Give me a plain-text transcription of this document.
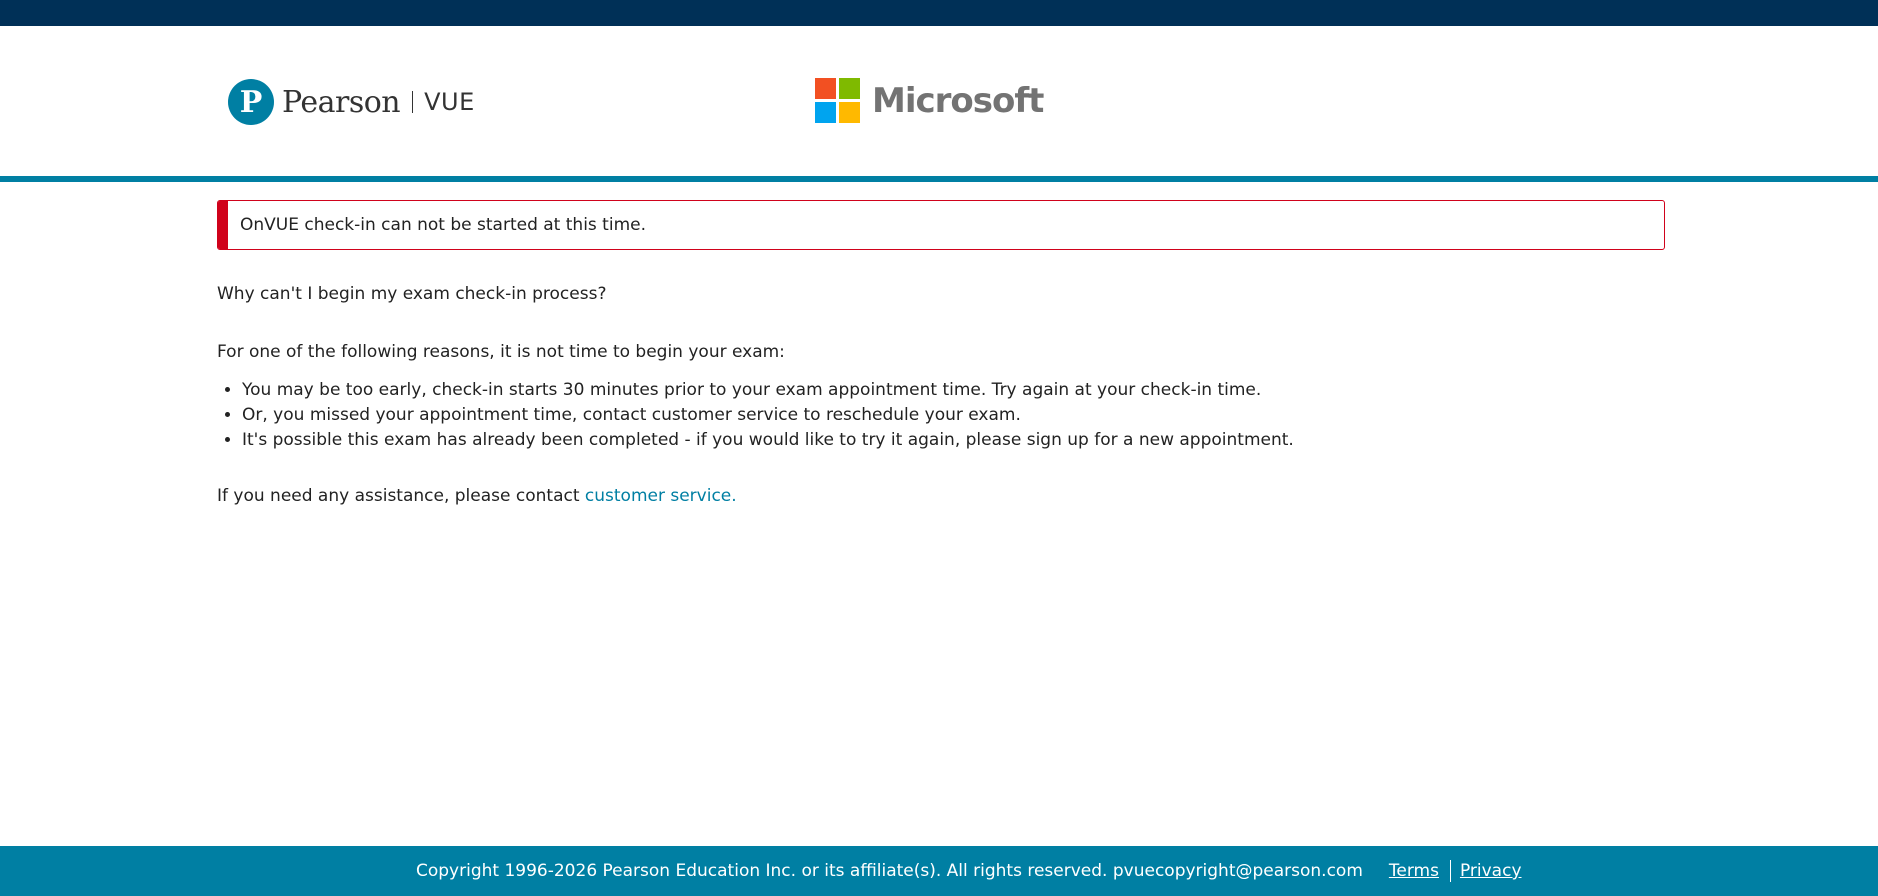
P Pearson VUE	Microsoft
OnVUE check-in can not be started at this time.
Why can't I begin my exam check-in process?
For one of the following reasons, it is not time to begin your exam:
• You may be too early, check-in starts 30 minutes prior to your exam appointment time. Try again at your check-in time.
• Or, you missed your appointment time, contact customer service to reschedule your exam.
• It's possible this exam has already been completed - if you would like to try it again, please sign up for a new appointment.
If you need any assistance, please contact customer service.
Copyright 1996-2026 Pearson Education Inc. or its affiliate(s). All rights reserved. pvuecopyright@pearson.com Terms Privacy
